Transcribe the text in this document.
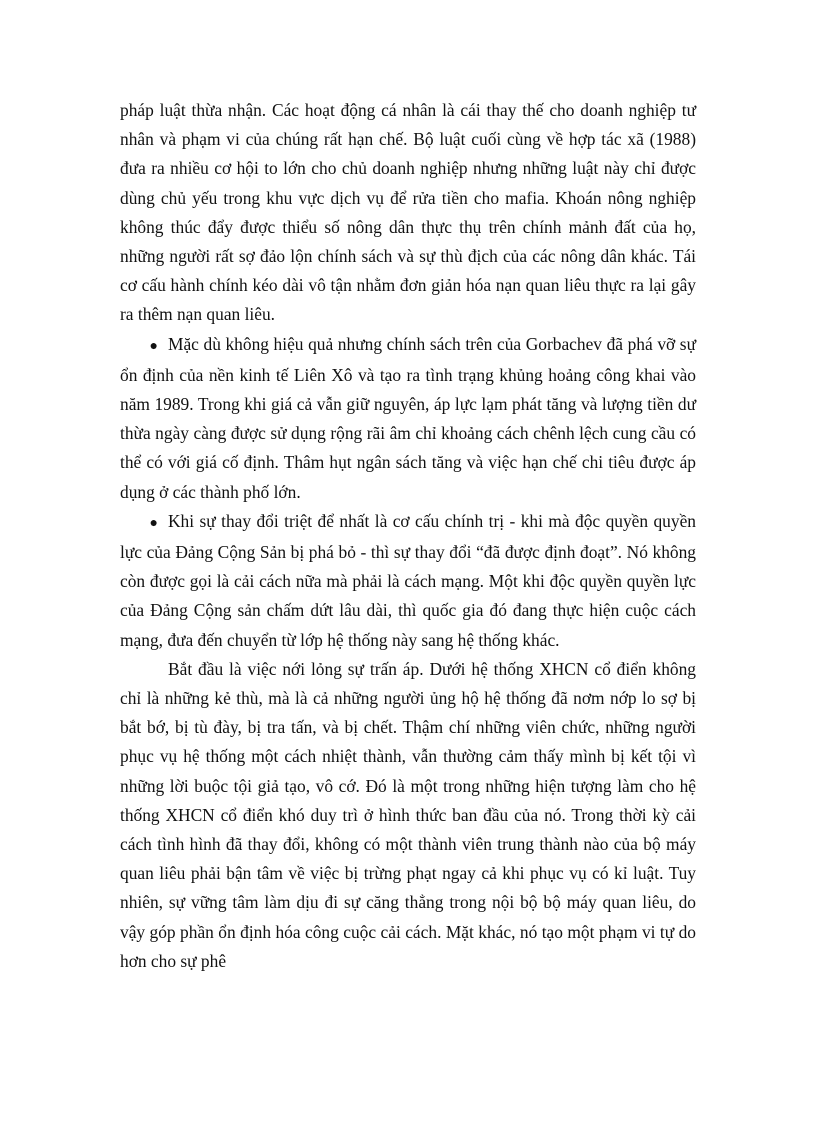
pháp luật thừa nhận. Các hoạt động cá nhân là cái thay thế cho doanh nghiệp tư nhân và phạm vi của chúng rất hạn chế. Bộ luật cuối cùng về hợp tác xã (1988) đưa ra nhiều cơ hội to lớn cho chủ doanh nghiệp nhưng những luật này chỉ được dùng chủ yếu trong khu vực dịch vụ để rửa tiền cho mafia. Khoán nông nghiệp không thúc đẩy được thiểu số nông dân thực thụ trên chính mảnh đất của họ, những người rất sợ đảo lộn chính sách và sự thù địch của các nông dân khác. Tái cơ cấu hành chính kéo dài vô tận nhằm đơn giản hóa nạn quan liêu thực ra lại gây ra thêm nạn quan liêu.

● Mặc dù không hiệu quả nhưng chính sách trên của Gorbachev đã phá vỡ sự ổn định của nền kinh tế Liên Xô và tạo ra tình trạng khủng hoảng công khai vào năm 1989. Trong khi giá cả vẫn giữ nguyên, áp lực lạm phát tăng và lượng tiền dư thừa ngày càng được sử dụng rộng rãi âm chỉ khoảng cách chênh lệch cung cầu có thể có với giá cố định. Thâm hụt ngân sách tăng và việc hạn chế chi tiêu được áp dụng ở các thành phố lớn.

● Khi sự thay đổi triệt để nhất là cơ cấu chính trị - khi mà độc quyền quyền lực của Đảng Cộng Sản bị phá bỏ - thì sự thay đổi “đã được định đoạt”. Nó không còn được gọi là cải cách nữa mà phải là cách mạng. Một khi độc quyền quyền lực của Đảng Cộng sản chấm dứt lâu dài, thì quốc gia đó đang thực hiện cuộc cách mạng, đưa đến chuyển từ lớp hệ thống này sang hệ thống khác.

Bắt đầu là việc nới lỏng sự trấn áp. Dưới hệ thống XHCN cổ điển không chỉ là những kẻ thù, mà là cả những người ủng hộ hệ thống đã nơm nớp lo sợ bị bắt bớ, bị tù đày, bị tra tấn, và bị chết. Thậm chí những viên chức, những người phục vụ hệ thống một cách nhiệt thành, vẫn thường cảm thấy mình bị kết tội vì những lời buộc tội giả tạo, vô cớ. Đó là một trong những hiện tượng làm cho hệ thống XHCN cổ điển khó duy trì ở hình thức ban đầu của nó. Trong thời kỳ cải cách tình hình đã thay đổi, không có một thành viên trung thành nào của bộ máy quan liêu phải bận tâm về việc bị trừng phạt ngay cả khi phục vụ có kỉ luật. Tuy nhiên, sự vững tâm làm dịu đi sự căng thẳng trong nội bộ bộ máy quan liêu, do vậy góp phần ổn định hóa công cuộc cải cách. Mặt khác, nó tạo một phạm vi tự do hơn cho sự phê
